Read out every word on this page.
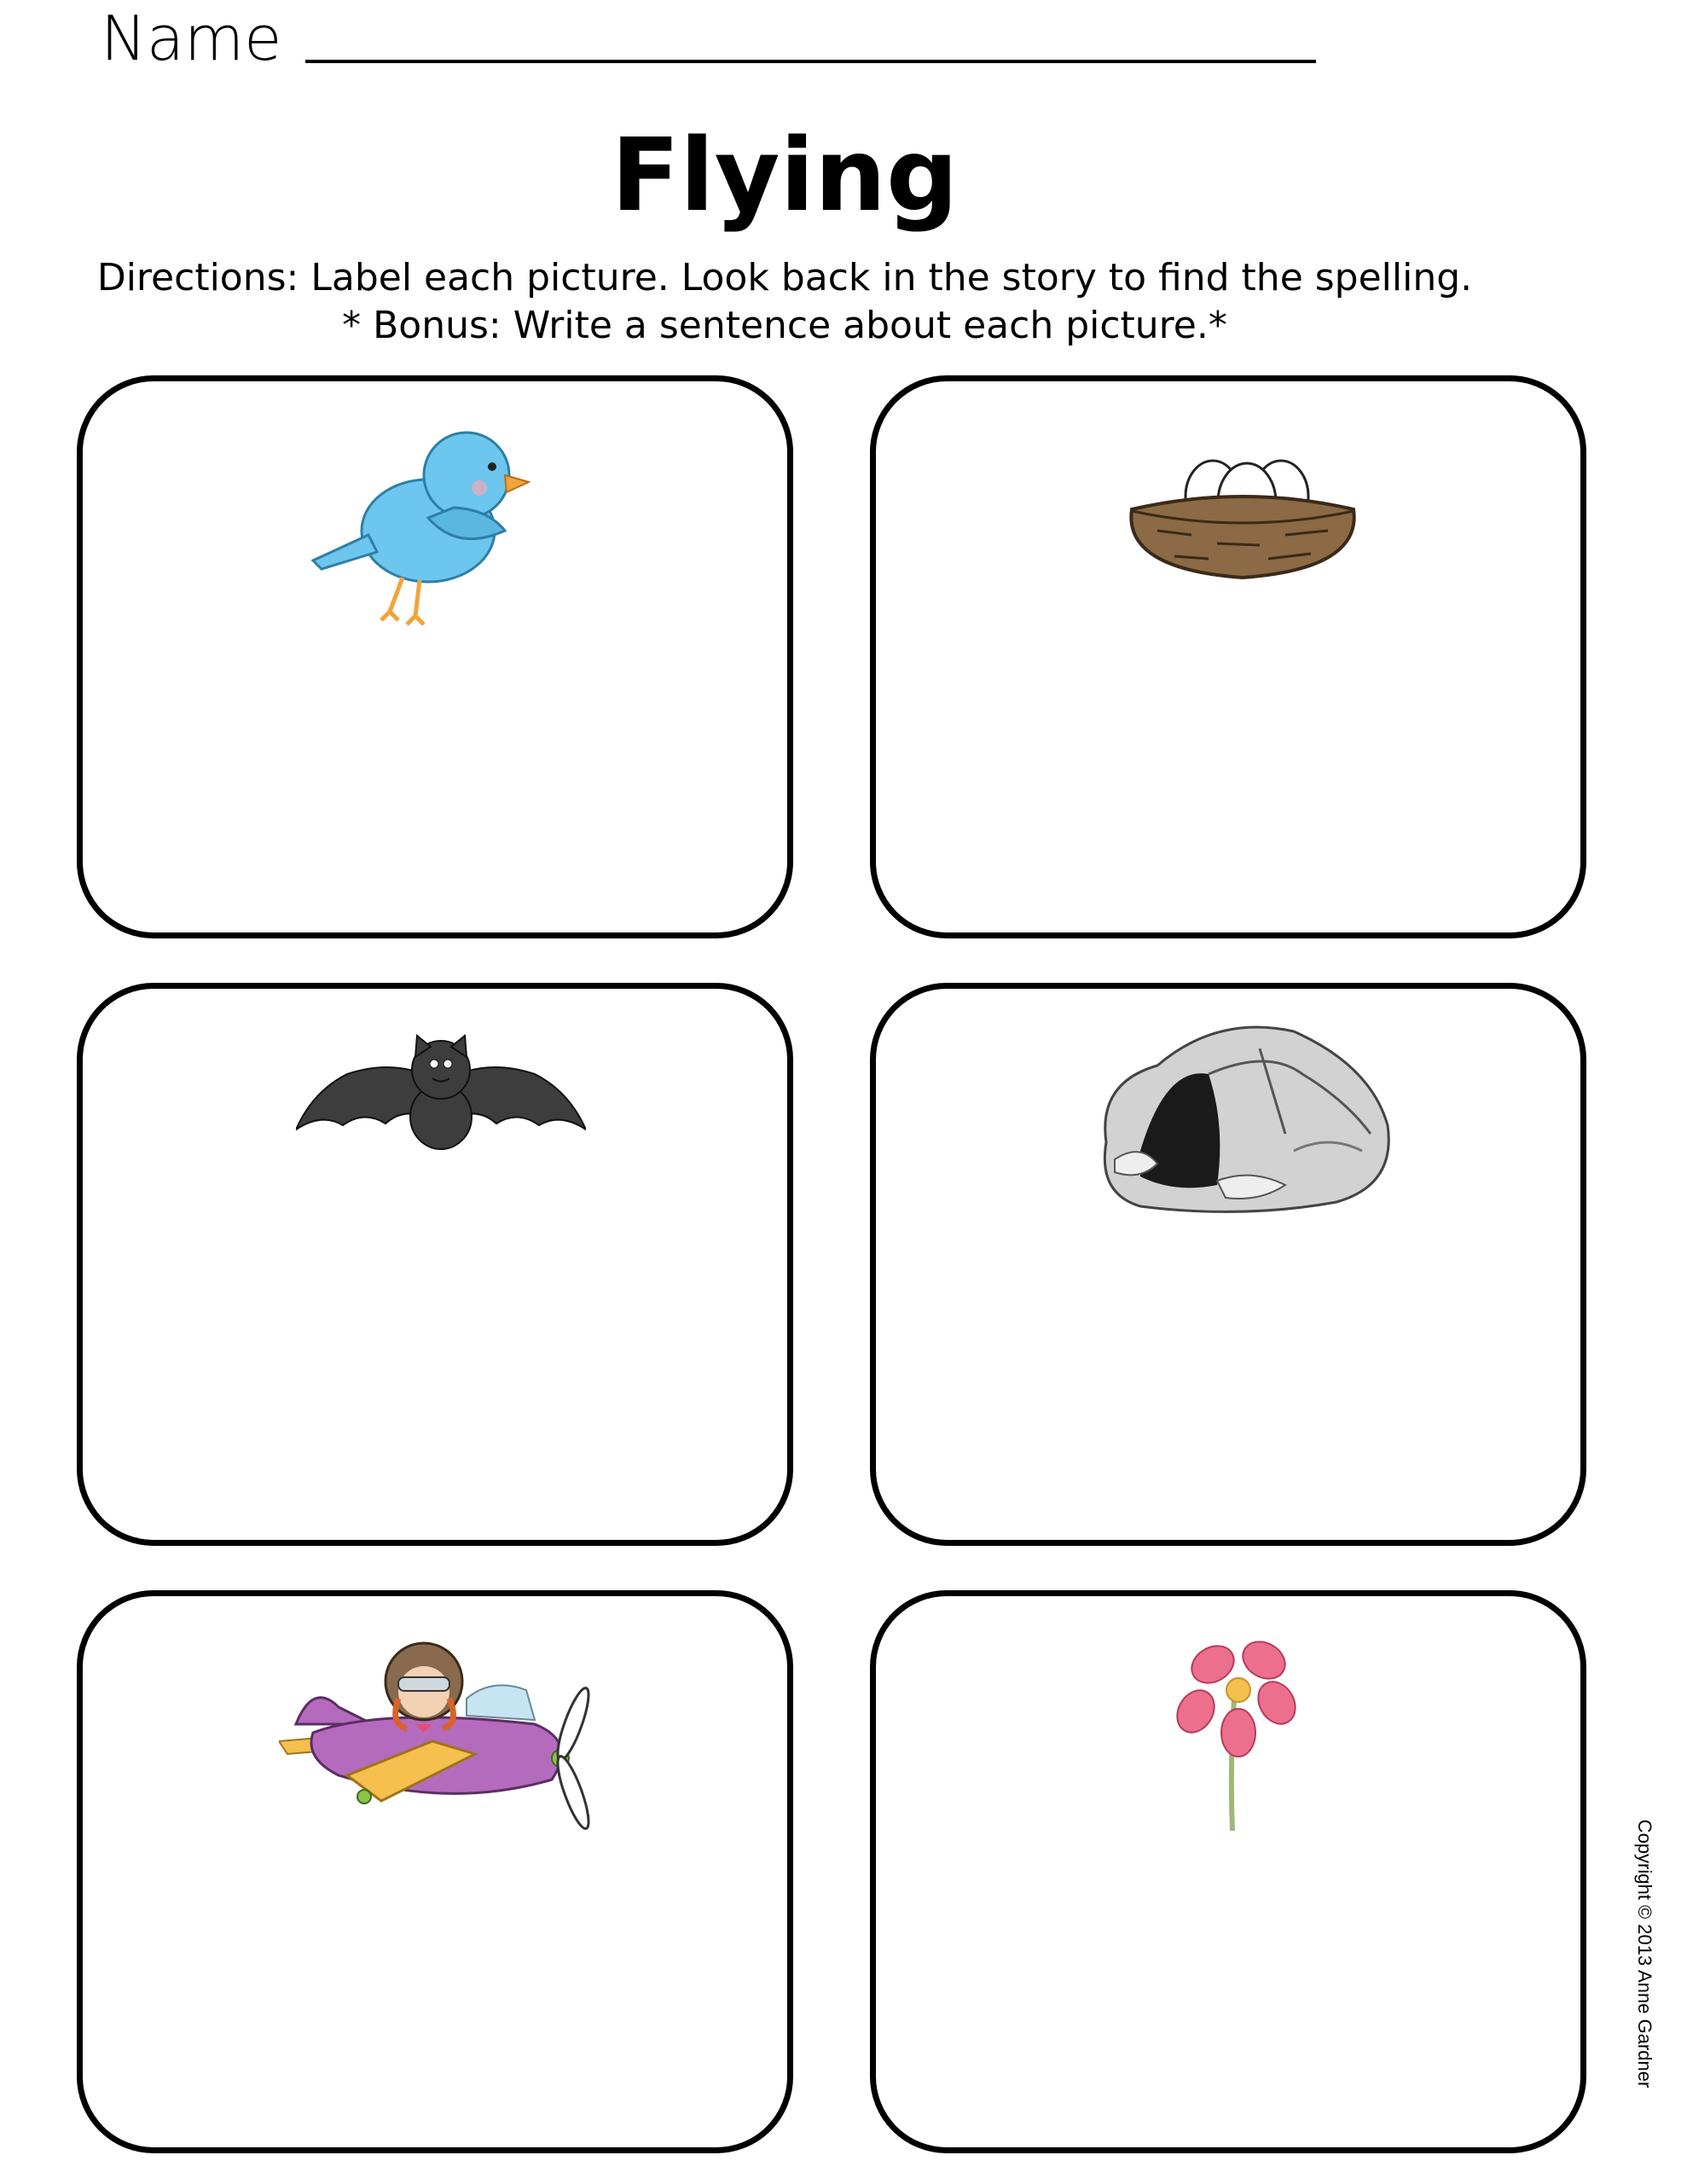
Name
Flying
Directions: Label each picture. Look back in the story to find the spelling.
* Bonus: Write a sentence about each picture.*
Copyright © 2013 Anne Gardner
